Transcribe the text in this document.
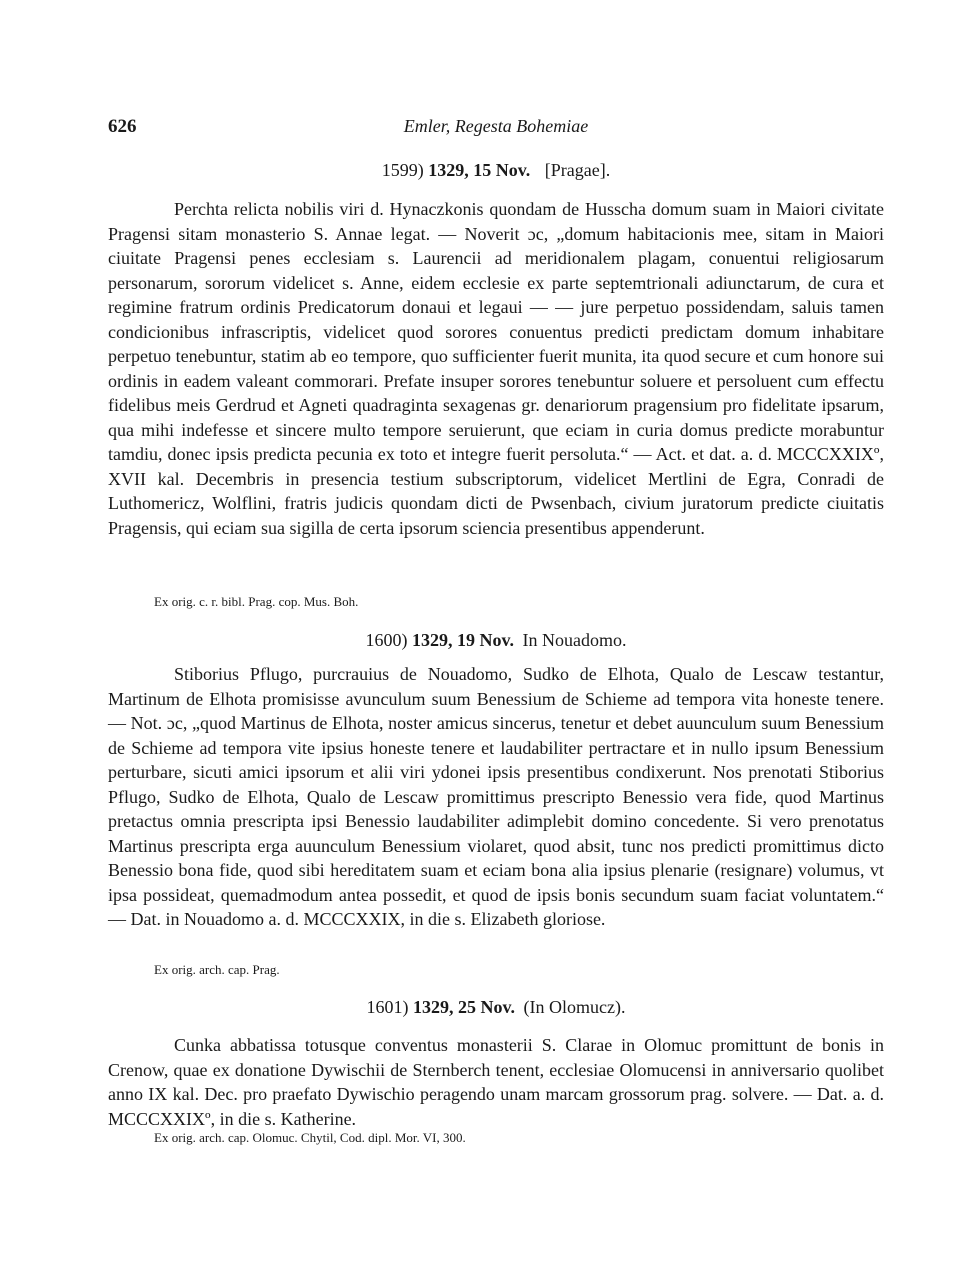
626	Emler, Regesta Bohemiae
1599) 1329, 15 Nov. [Pragae].
Perchta relicta nobilis viri d. Hynaczkonis quondam de Husscha domum suam in Maiori civitate Pragensi sitam monasterio S. Annae legat. — Noverit ɔc, „domum habitacionis mee, sitam in Maiori ciuitate Pragensi penes ecclesiam s. Laurencii ad meridionalem plagam, conuentui religiosarum personarum, sororum videlicet s. Anne, eidem ecclesie ex parte septemtrionali adiunctarum, de cura et regimine fratrum ordinis Predicatorum donaui et legaui — — jure perpetuo possidendam, saluis tamen condicionibus infrascriptis, videlicet quod sorores conuentus predicti predictam domum inhabitare perpetuo tenebuntur, statim ab eo tempore, quo sufficienter fuerit munita, ita quod secure et cum honore sui ordinis in eadem valeant commorari. Prefate insuper sorores tenebuntur soluere et persoluent cum effectu fidelibus meis Gerdrud et Agneti quadraginta sexagenas gr. denariorum pragensium pro fidelitate ipsarum, qua mihi indefesse et sincere multo tempore seruierunt, que eciam in curia domus predicte morabuntur tamdiu, donec ipsis predicta pecunia ex toto et integre fuerit persoluta.“ — Act. et dat. a. d. MCCCXXIXº, XVII kal. Decembris in presencia testium subscriptorum, videlicet Mertlini de Egra, Conradi de Luthomericz, Wolflini, fratris judicis quondam dicti de Pwsenbach, civium juratorum predicte ciuitatis Pragensis, qui eciam sua sigilla de certa ipsorum sciencia presentibus appenderunt.
Ex orig. c. r. bibl. Prag. cop. Mus. Boh.
1600) 1329, 19 Nov. In Nouadomo.
Stiborius Pflugo, purcrauius de Nouadomo, Sudko de Elhota, Qualo de Lescaw testantur, Martinum de Elhota promisisse avunculum suum Benessium de Schieme ad tempora vita honeste tenere. — Not. ɔc, „quod Martinus de Elhota, noster amicus sincerus, tenetur et debet auunculum suum Benessium de Schieme ad tempora vite ipsius honeste tenere et laudabiliter pertractare et in nullo ipsum Benessium perturbare, sicuti amici ipsorum et alii viri ydonei ipsis presentibus condixerunt. Nos prenotati Stiborius Pflugo, Sudko de Elhota, Qualo de Lescaw promittimus prescripto Benessio vera fide, quod Martinus pretactus omnia prescripta ipsi Benessio laudabiliter adimplebit domino concedente. Si vero prenotatus Martinus prescripta erga auunculum Benessium violaret, quod absit, tunc nos predicti promittimus dicto Benessio bona fide, quod sibi hereditatem suam et eciam bona alia ipsius plenarie (resignare) volumus, vt ipsa possideat, quemadmodum antea possedit, et quod de ipsis bonis secundum suam faciat voluntatem.“ — Dat. in Nouadomo a. d. MCCCXXIX, in die s. Elizabeth gloriose.
Ex orig. arch. cap. Prag.
1601) 1329, 25 Nov. (In Olomucz).
Cunka abbatissa totusque conventus monasterii S. Clarae in Olomuc promittunt de bonis in Crenow, quae ex donatione Dywischii de Sternberch tenent, ecclesiae Olomucensi in anniversario quolibet anno IX kal. Dec. pro praefato Dywischio peragendo unam marcam grossorum prag. solvere. — Dat. a. d. MCCCXXIXº, in die s. Katherine.
Ex orig. arch. cap. Olomuc. Chytil, Cod. dipl. Mor. VI, 300.
